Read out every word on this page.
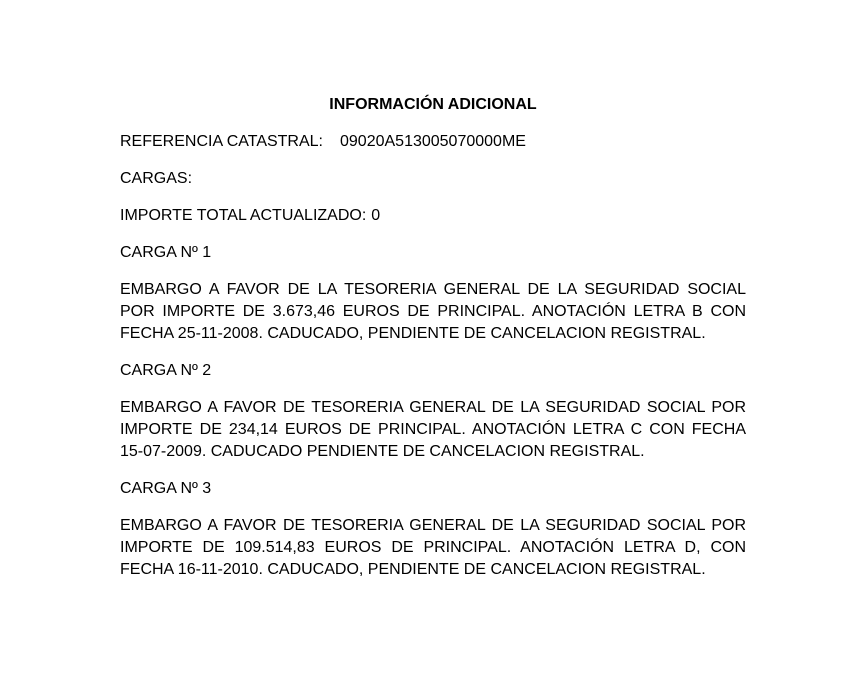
INFORMACIÓN ADICIONAL

REFERENCIA CATASTRAL: 09020A513005070000ME

CARGAS:

IMPORTE TOTAL ACTUALIZADO: 0

CARGA Nº 1

EMBARGO A FAVOR DE LA TESORERIA GENERAL DE LA SEGURIDAD SOCIAL
POR IMPORTE DE 3.673,46 EUROS DE PRINCIPAL. ANOTACIÓN LETRA B CON
FECHA 25-11-2008. CADUCADO, PENDIENTE DE CANCELACION REGISTRAL.

CARGA Nº 2

EMBARGO A FAVOR DE TESORERIA GENERAL DE LA SEGURIDAD SOCIAL POR
IMPORTE DE 234,14 EUROS DE PRINCIPAL. ANOTACIÓN LETRA C CON FECHA
15-07-2009. CADUCADO PENDIENTE DE CANCELACION REGISTRAL.

CARGA Nº 3

EMBARGO A FAVOR DE TESORERIA GENERAL DE LA SEGURIDAD SOCIAL POR
IMPORTE DE 109.514,83 EUROS DE PRINCIPAL. ANOTACIÓN LETRA D, CON
FECHA 16-11-2010. CADUCADO, PENDIENTE DE CANCELACION REGISTRAL.
